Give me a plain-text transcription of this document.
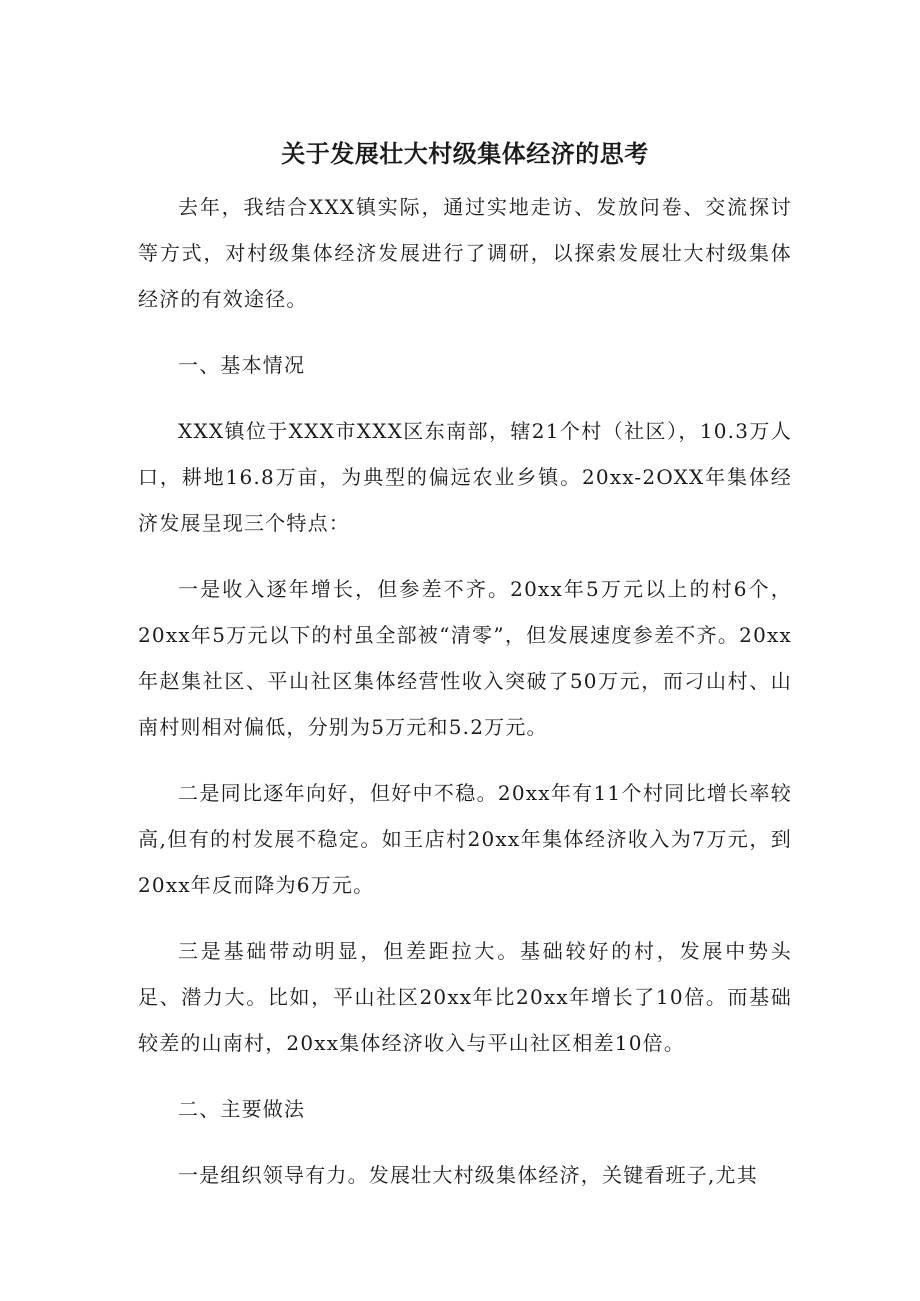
关于发展壮大村级集体经济的思考

去年，我结合XXX镇实际，通过实地走访、发放问卷、交流探讨等方式，对村级集体经济发展进行了调研，以探索发展壮大村级集体经济的有效途径。

一、基本情况

XXX镇位于XXX市XXX区东南部，辖21个村（社区），10.3万人口，耕地16.8万亩，为典型的偏远农业乡镇。20xx-2OXX年集体经济发展呈现三个特点：

一是收入逐年增长，但参差不齐。20xx年5万元以上的村6个，20xx年5万元以下的村虽全部被“清零”，但发展速度参差不齐。20xx年赵集社区、平山社区集体经营性收入突破了50万元，而刁山村、山南村则相对偏低，分别为5万元和5.2万元。

二是同比逐年向好，但好中不稳。20xx年有11个村同比增长率较高,但有的村发展不稳定。如王店村20xx年集体经济收入为7万元，到20xx年反而降为6万元。

三是基础带动明显，但差距拉大。基础较好的村，发展中势头足、潜力大。比如，平山社区20xx年比20xx年增长了10倍。而基础较差的山南村，20xx集体经济收入与平山社区相差10倍。

二、主要做法

一是组织领导有力。发展壮大村级集体经济，关键看班子,尤其
